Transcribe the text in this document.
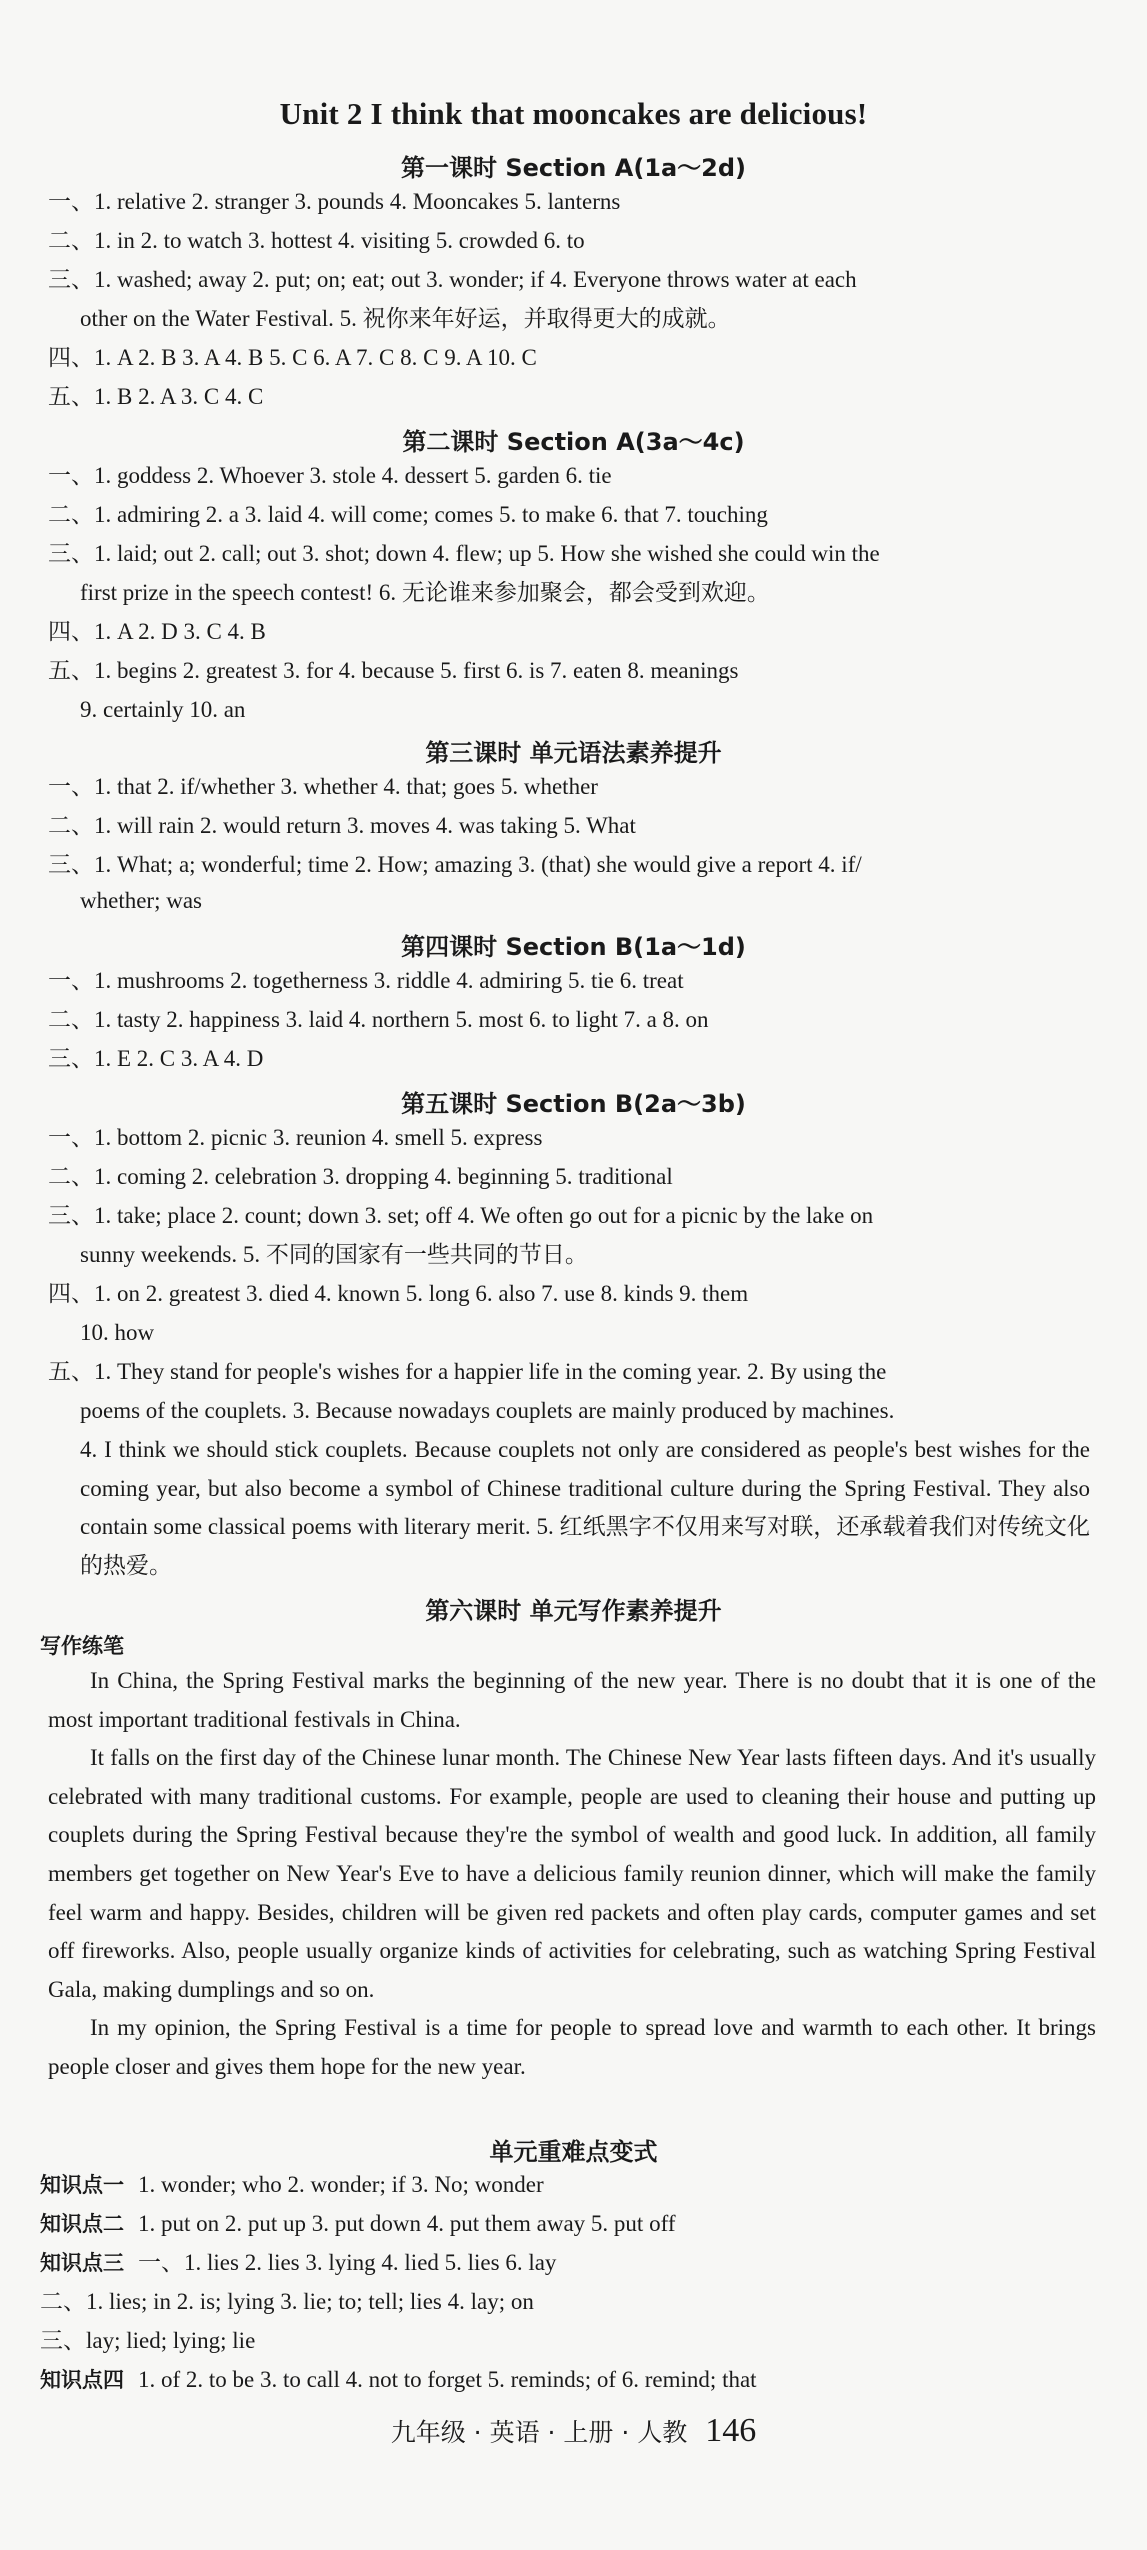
Unit 2 I think that mooncakes are delicious!
第一课时 Section A(1a～2d)
一、1. relative 2. stranger 3. pounds 4. Mooncakes 5. lanterns
二、1. in 2. to watch 3. hottest 4. visiting 5. crowded 6. to
三、1. washed; away 2. put; on; eat; out 3. wonder; if 4. Everyone throws water at each
other on the Water Festival. 5. 祝你来年好运，并取得更大的成就。
四、1. A 2. B 3. A 4. B 5. C 6. A 7. C 8. C 9. A 10. C
五、1. B 2. A 3. C 4. C
第二课时 Section A(3a～4c)
一、1. goddess 2. Whoever 3. stole 4. dessert 5. garden 6. tie
二、1. admiring 2. a 3. laid 4. will come; comes 5. to make 6. that 7. touching
三、1. laid; out 2. call; out 3. shot; down 4. flew; up 5. How she wished she could win the
first prize in the speech contest! 6. 无论谁来参加聚会，都会受到欢迎。
四、1. A 2. D 3. C 4. B
五、1. begins 2. greatest 3. for 4. because 5. first 6. is 7. eaten 8. meanings
9. certainly 10. an
第三课时 单元语法素养提升
一、1. that 2. if/whether 3. whether 4. that; goes 5. whether
二、1. will rain 2. would return 3. moves 4. was taking 5. What
三、1. What; a; wonderful; time 2. How; amazing 3. (that) she would give a report 4. if/
whether; was
第四课时 Section B(1a～1d)
一、1. mushrooms 2. togetherness 3. riddle 4. admiring 5. tie 6. treat
二、1. tasty 2. happiness 3. laid 4. northern 5. most 6. to light 7. a 8. on
三、1. E 2. C 3. A 4. D
第五课时 Section B(2a～3b)
一、1. bottom 2. picnic 3. reunion 4. smell 5. express
二、1. coming 2. celebration 3. dropping 4. beginning 5. traditional
三、1. take; place 2. count; down 3. set; off 4. We often go out for a picnic by the lake on
sunny weekends. 5. 不同的国家有一些共同的节日。
四、1. on 2. greatest 3. died 4. known 5. long 6. also 7. use 8. kinds 9. them
10. how
五、1. They stand for people's wishes for a happier life in the coming year. 2. By using the
poems of the couplets. 3. Because nowadays couplets are mainly produced by machines.
4. I think we should stick couplets. Because couplets not only are considered as people's best wishes for the coming year, but also become a symbol of Chinese traditional culture during the Spring Festival. They also contain some classical poems with literary merit. 5. 红纸黑字不仅用来写对联，还承载着我们对传统文化的热爱。
第六课时 单元写作素养提升
写作练笔

In China, the Spring Festival marks the beginning of the new year. There is no doubt that it is one of the most important traditional festivals in China.

It falls on the first day of the Chinese lunar month. The Chinese New Year lasts fifteen days. And it's usually celebrated with many traditional customs. For example, people are used to cleaning their house and putting up couplets during the Spring Festival because they're the symbol of wealth and good luck. In addition, all family members get together on New Year's Eve to have a delicious family reunion dinner, which will make the family feel warm and happy. Besides, children will be given red packets and often play cards, computer games and set off fireworks. Also, people usually organize kinds of activities for celebrating, such as watching Spring Festival Gala, making dumplings and so on.

In my opinion, the Spring Festival is a time for people to spread love and warmth to each other. It brings people closer and gives them hope for the new year.

单元重难点变式
知识点一 1. wonder; who 2. wonder; if 3. No; wonder
知识点二 1. put on 2. put up 3. put down 4. put them away 5. put off
知识点三 一、1. lies 2. lies 3. lying 4. lied 5. lies 6. lay
二、1. lies; in 2. is; lying 3. lie; to; tell; lies 4. lay; on
三、lay; lied; lying; lie
知识点四 1. of 2. to be 3. to call 4. not to forget 5. reminds; of 6. remind; that
九年级 · 英语 · 上册 · 人教 146
